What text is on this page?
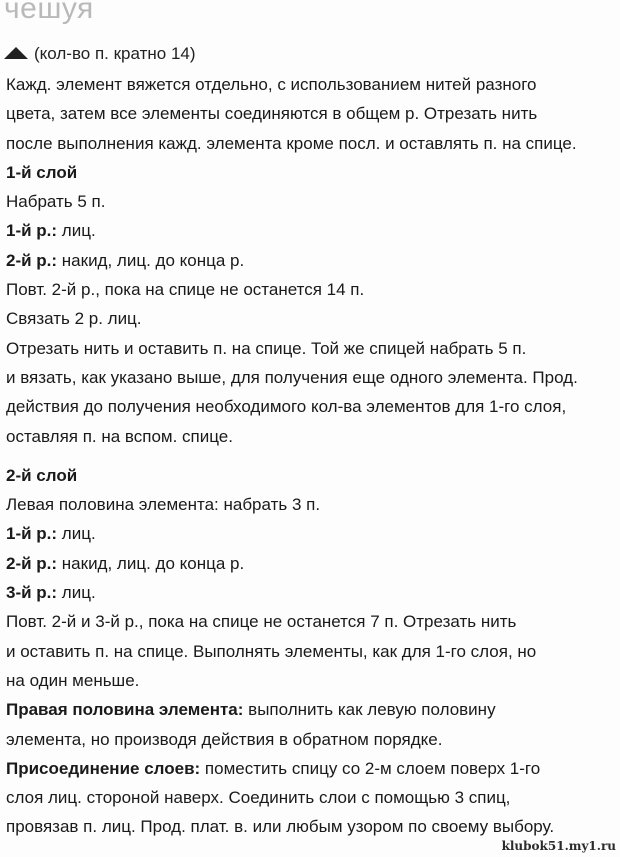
чешуя
(кол-во п. кратно 14)
Кажд. элемент вяжется отдельно, с использованием нитей разного
цвета, затем все элементы соединяются в общем р. Отрезать нить
после выполнения кажд. элемента кроме посл. и оставлять п. на спице.
1-й слой
Набрать 5 п.
1-й р.: лиц.
2-й р.: накид, лиц. до конца р.
Повт. 2-й р., пока на спице не останется 14 п.
Связать 2 р. лиц.
Отрезать нить и оставить п. на спице. Той же спицей набрать 5 п.
и вязать, как указано выше, для получения еще одного элемента. Прод.
действия до получения необходимого кол-ва элементов для 1-го слоя,
оставляя п. на вспом. спице.
2-й слой
Левая половина элемента: набрать 3 п.
1-й р.: лиц.
2-й р.: накид, лиц. до конца р.
3-й р.: лиц.
Повт. 2-й и 3-й р., пока на спице не останется 7 п. Отрезать нить
и оставить п. на спице. Выполнять элементы, как для 1-го слоя, но
на один меньше.
Правая половина элемента: выполнить как левую половину
элемента, но производя действия в обратном порядке.
Присоединение слоев: поместить спицу со 2-м слоем поверх 1-го
слоя лиц. стороной наверх. Соединить слои с помощью 3 спиц,
провязав п. лиц. Прод. плат. в. или любым узором по своему выбору.
klubok51.my1.ru
